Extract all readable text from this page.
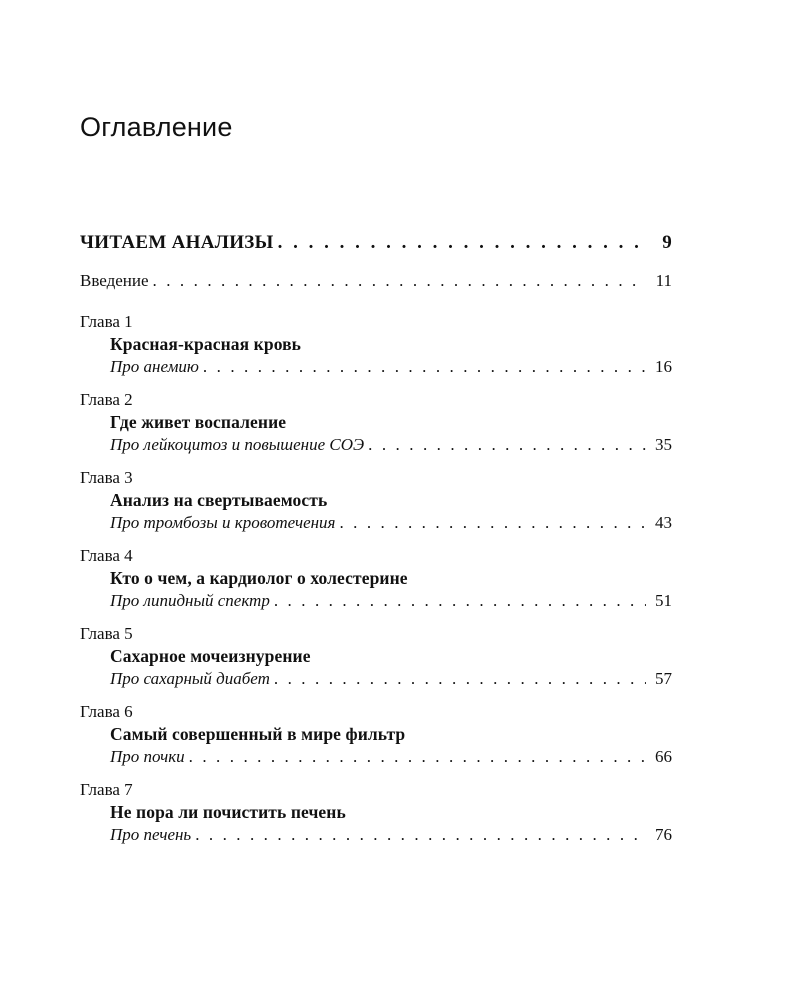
Оглавление
ЧИТАЕМ АНАЛИЗЫ . . .	9
Введение . . .	11
Глава 1
Красная-красная кровь
Про анемию . . .	16
Глава 2
Где живет воспаление
Про лейкоцитоз и повышение СОЭ . . .	35
Глава 3
Анализ на свертываемость
Про тромбозы и кровотечения . . .	43
Глава 4
Кто о чем, а кардиолог о холестерине
Про липидный спектр . . .	51
Глава 5
Сахарное мочеизнурение
Про сахарный диабет . . .	57
Глава 6
Самый совершенный в мире фильтр
Про почки . . .	66
Глава 7
Не пора ли почистить печень
Про печень . . .	76
